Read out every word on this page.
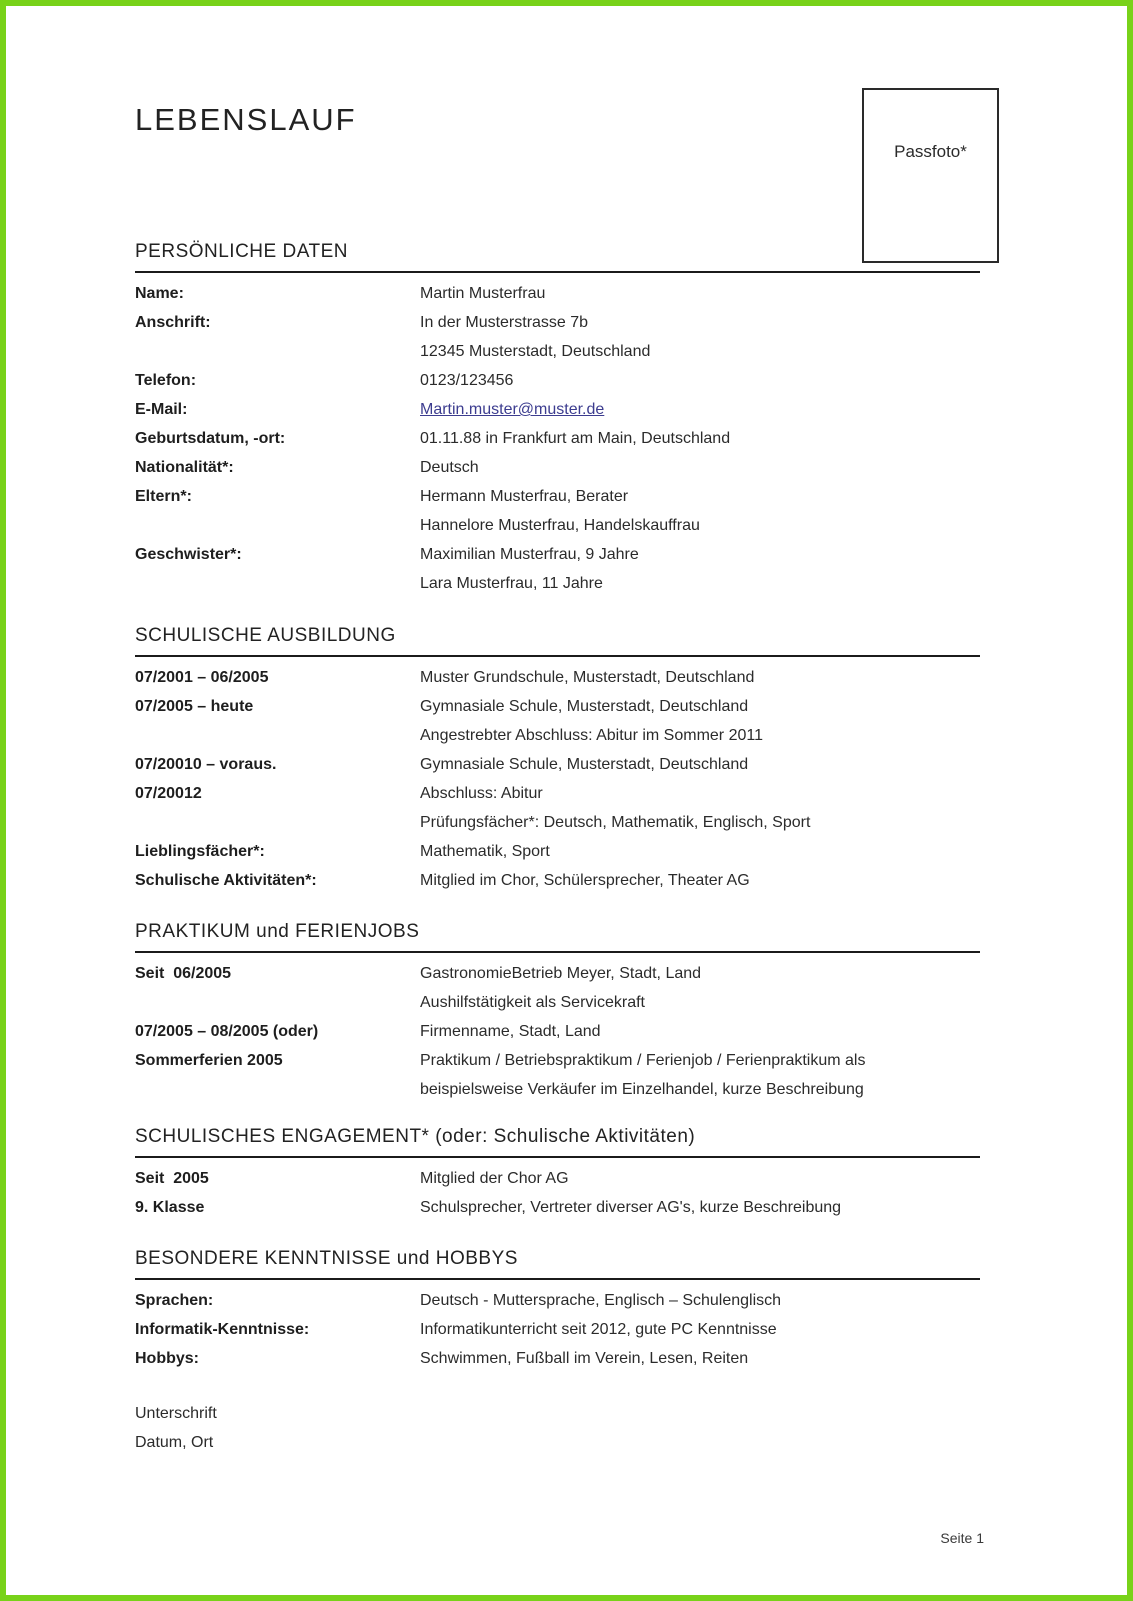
LEBENSLAUF
Passfoto*
PERSÖNLICHE DATEN
Name:	Martin Musterfrau
Anschrift:	In der Musterstrasse 7b
12345 Musterstadt, Deutschland
Telefon:	0123/123456
E-Mail:	Martin.muster@muster.de
Geburtsdatum, -ort:	01.11.88 in Frankfurt am Main, Deutschland
Nationalität*:	Deutsch
Eltern*:	Hermann Musterfrau, Berater
Hannelore Musterfrau, Handelskauffrau
Geschwister*:	Maximilian Musterfrau, 9 Jahre
Lara Musterfrau, 11 Jahre
SCHULISCHE AUSBILDUNG
07/2001 – 06/2005	Muster Grundschule, Musterstadt, Deutschland
07/2005 – heute	Gymnasiale Schule, Musterstadt, Deutschland
Angestrebter Abschluss: Abitur im Sommer 2011
07/20010 – voraus.	Gymnasiale Schule, Musterstadt, Deutschland
07/20012	Abschluss: Abitur
Prüfungsfächer*: Deutsch, Mathematik, Englisch, Sport
Lieblingsfächer*:	Mathematik, Sport
Schulische Aktivitäten*:	Mitglied im Chor, Schülersprecher, Theater AG
PRAKTIKUM und FERIENJOBS
Seit  06/2005	GastronomieBetrieb Meyer, Stadt, Land
Aushilfstätigkeit als Servicekraft
07/2005 – 08/2005 (oder)	Firmenname, Stadt, Land
Sommerferien 2005	Praktikum / Betriebspraktikum / Ferienjob / Ferienpraktikum als
beispielsweise Verkäufer im Einzelhandel, kurze Beschreibung
SCHULISCHES ENGAGEMENT* (oder: Schulische Aktivitäten)
Seit  2005	Mitglied der Chor AG
9. Klasse	Schulsprecher, Vertreter diverser AG's, kurze Beschreibung
BESONDERE KENNTNISSE und HOBBYS
Sprachen:	Deutsch - Muttersprache, Englisch – Schulenglisch
Informatik-Kenntnisse:	Informatikunterricht seit 2012, gute PC Kenntnisse
Hobbys:	Schwimmen, Fußball im Verein, Lesen, Reiten
Unterschrift
Datum, Ort
Seite 1
